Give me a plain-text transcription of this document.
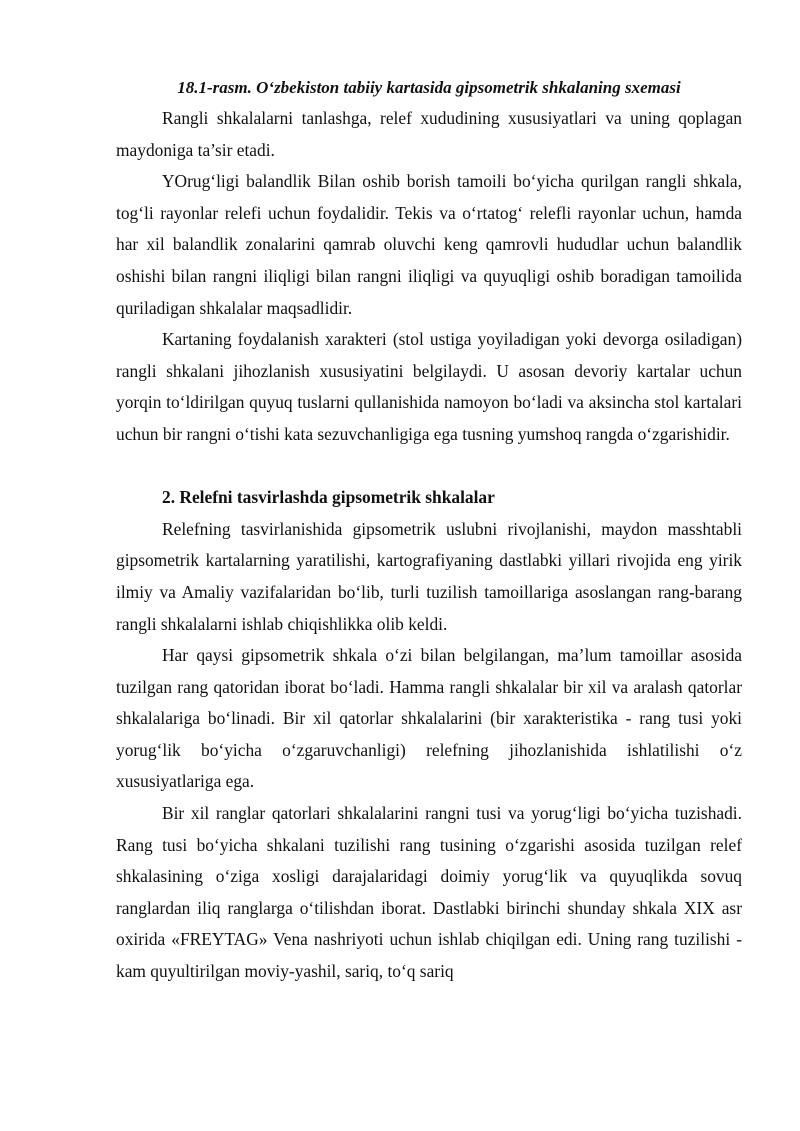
18.1-rasm. O‘zbekiston tabiiy kartasida gipsometrik shkalaning sxemasi

Rangli shkalalarni tanlashga, relef xududining xususiyatlari va uning qoplagan maydoniga ta’sir etadi.

YOrug‘ligi balandlik Bilan oshib borish tamoili bo‘yicha qurilgan rangli shkala, tog‘li rayonlar relefi uchun foydalidir. Tekis va o‘rtatog‘ relefli rayonlar uchun, hamda har xil balandlik zonalarini qamrab oluvchi keng qamrovli hududlar uchun balandlik oshishi bilan rangni iliqligi bilan rangni iliqligi va quyuqligi oshib boradigan tamoilida quriladigan shkalalar maqsadlidir.

Kartaning foydalanish xarakteri (stol ustiga yoyiladigan yoki devorga osiladigan) rangli shkalani jihozlanish xususiyatini belgilaydi. U asosan devoriy kartalar uchun yorqin to‘ldirilgan quyuq tuslarni qullanishida namoyon bo‘ladi va aksincha stol kartalari uchun bir rangni o‘tishi kata sezuvchanligiga ega tusning yumshoq rangda o‘zgarishidir.

2. Relefni tasvirlashda gipsometrik shkalalar

Relefning tasvirlanishida gipsometrik uslubni rivojlanishi, maydon masshtabli gipsometrik kartalarning yaratilishi, kartografiyaning dastlabki yillari rivojida eng yirik ilmiy va Amaliy vazifalaridan bo‘lib, turli tuzilish tamoillariga asoslangan rang-barang rangli shkalalarni ishlab chiqishlikka olib keldi.

Har qaysi gipsometrik shkala o‘zi bilan belgilangan, ma’lum tamoillar asosida tuzilgan rang qatoridan iborat bo‘ladi. Hamma rangli shkalalar bir xil va aralash qatorlar shkalalariga bo‘linadi. Bir xil qatorlar shkalalarini (bir xarakteristika - rang tusi yoki yorug‘lik bo‘yicha o‘zgaruvchanligi) relefning jihozlanishida ishlatilishi o‘z xususiyatlariga ega.

Bir xil ranglar qatorlari shkalalarini rangni tusi va yorug‘ligi bo‘yicha tuzishadi. Rang tusi bo‘yicha shkalani tuzilishi rang tusining o‘zgarishi asosida tuzilgan relef shkalasining o‘ziga xosligi darajalaridagi doimiy yorug‘lik va quyuqlikda sovuq ranglardan iliq ranglarga o‘tilishdan iborat. Dastlabki birinchi shunday shkala XIX asr oxirida «FREYTAG» Vena nashriyoti uchun ishlab chiqilgan edi. Uning rang tuzilishi - kam quyultirilgan moviy-yashil, sariq, to‘q sariq
